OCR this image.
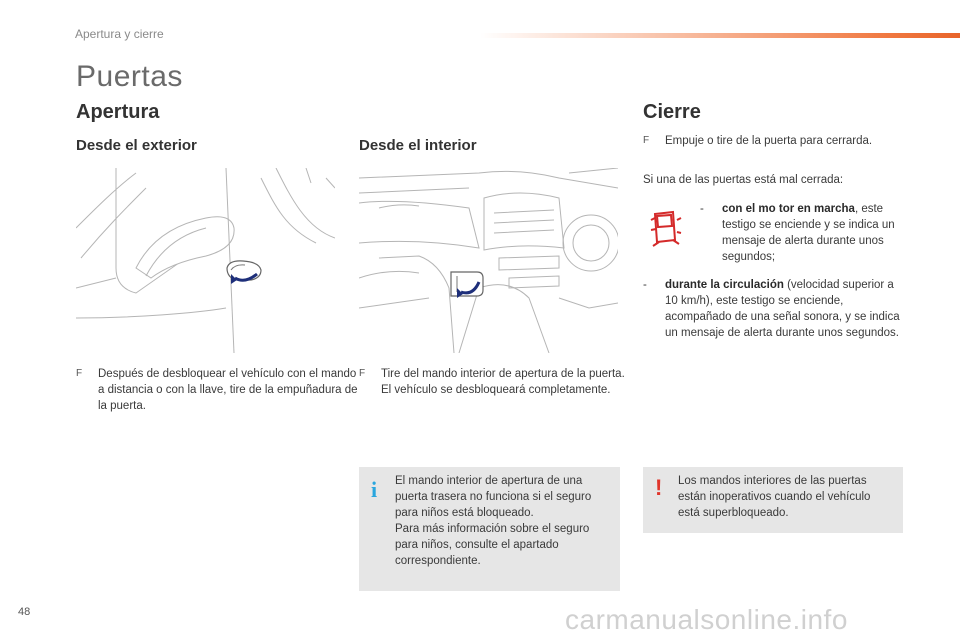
Apertura y cierre
Puertas
Apertura	Cierre
Desde el exterior	Desde el interior
F Después de desbloquear el vehículo con el mando a distancia o con la llave, tire de la empuñadura de la puerta.
F Tire del mando interior de apertura de la puerta. El vehículo se desbloqueará completamente.
F Empuje o tire de la puerta para cerrarda.
Si una de las puertas está mal cerrada:
-	con el mo tor en marcha, este testigo se enciende y se indica un mensaje de alerta durante unos segundos;
-	durante la circulación (velocidad superior a 10 km/h), este testigo se enciende, acompañado de una señal sonora, y se indica un mensaje de alerta durante unos segundos.
i El mando interior de apertura de una puerta trasera no funciona si el seguro para niños está bloqueado.
Para más información sobre el seguro para niños, consulte el apartado correspondiente.
! Los mandos interiores de las puertas están inoperativos cuando el vehículo está superbloqueado.
48	carmanualsonline.info
